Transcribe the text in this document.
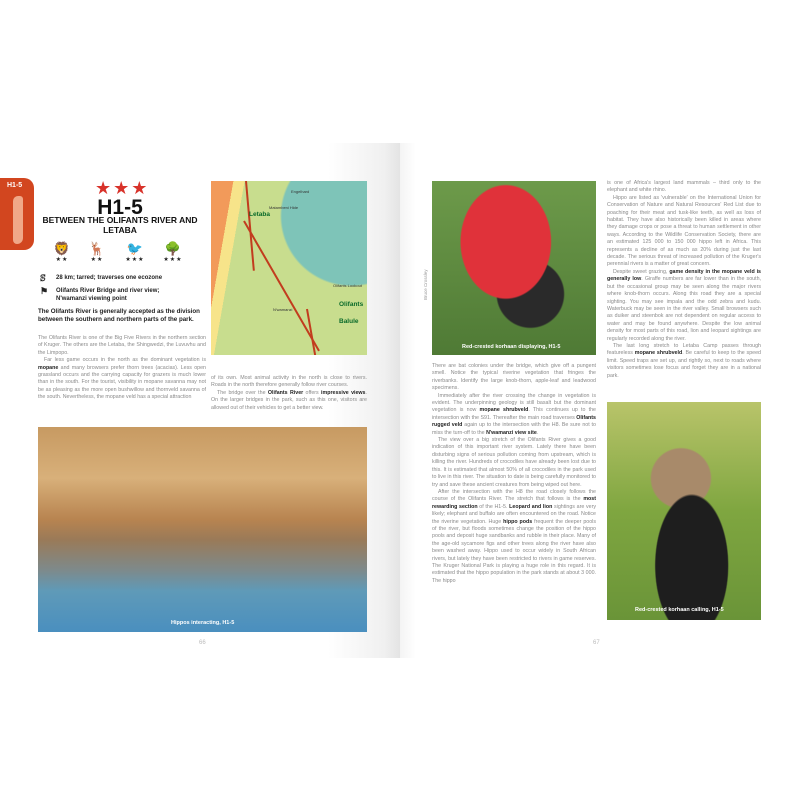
H1-5	★★★
H1-5
BETWEEN THE OLIFANTS RIVER AND LETABA
🦁
★★
🦌
★★
🐦
★★★
🌳
★★★
ꕷ 28 km; tarred; traverses one ecozone
⚑ Olifants River Bridge and river view;
N'wamanzi viewing point
The Olifants River is generally accepted as the division between the southern and northern parts of the park.

The Olifants River is one of the Big Five Rivers in the northern section of Kruger. The others are the Letaba, the Shingwedzi, the Luvuvhu and the Limpopo.

Far less game occurs in the north as the dominant vegetation is mopane and many browsers prefer thorn trees (acacias). Less open grassland occurs and the carrying capacity for grazers is much lower than in the south. For the tourist, visibility in mopane savanna may not be as pleasing as the more open bushwillow and thornveld savanna of the south. Nevertheless, the mopane veld has a special attraction

of its own. Most animal activity in the north is close to rivers. Roads in the north therefore generally follow river courses.

The bridge over the Olifants River offers impressive views. On the larger bridges in the park, such as this one, visitors are allowed out of their vehicles to get a better view.

Letaba
Olifants
Balule
N'wamanzi
Engelhard
Matambeni Hide
Olifants Lookout
Hippos interacting, H1-5
Red-crested korhaan displaying, H1-5
Bruce Crossley

There are bat colonies under the bridge, which give off a pungent smell. Notice the typical riverine vegetation that fringes the riverbanks. Identify the large knob-thorn, apple-leaf and leadwood specimens.

Immediately after the river crossing the change in vegetation is evident. The underpinning geology is still basalt but the dominant vegetation is now mopane shrubveld. This continues up to the intersection with the S91. Thereafter the main road traverses Olifants rugged veld again up to the intersection with the H8. Be sure not to miss the turn-off to the N'wamanzi view site.

The view over a big stretch of the Olifants River gives a good indication of this important river system. Lately there have been disturbing signs of serious pollution coming from upstream, which is killing the river. Hundreds of crocodiles have already been lost due to this. It is estimated that almost 50% of all crocodiles in the park used to live in this river. The situation to date is being carefully monitored to try and save these ancient creatures from being wiped out here.

After the intersection with the H8 the road closely follows the course of the Olifants River. The stretch that follows is the most rewarding section of the H1-5. Leopard and lion sightings are very likely; elephant and buffalo are often encountered on the road. Notice the riverine vegetation. Huge hippo pods frequent the deeper pools of the river, but floods sometimes change the position of the hippo pools and deposit huge sandbanks and rubble in their place. Many of the age-old sycamore figs and other trees along the river have also been washed away. Hippo used to occur widely in South African rivers, but lately they have been restricted to rivers in game reserves. The Kruger National Park is playing a huge role in this regard. It is estimated that the hippo population in the park stands at about 3 000. The hippo

is one of Africa's largest land mammals – third only to the elephant and white rhino.

Hippo are listed as 'vulnerable' on the International Union for Conservation of Nature and Natural Resources' Red List due to poaching for their meat and tusk-like teeth, as well as loss of habitat. They have also historically been killed in areas where they damage crops or pose a threat to human settlement in other ways. According to the Wildlife Conservation Society, there are an estimated 125 000 to 150 000 hippo left in Africa. This represents a decline of as much as 20% during just the last decade. The serious threat of increased pollution of the Kruger's perennial rivers is a matter of great concern.

Despite sweet grazing, game density in the mopane veld is generally low. Giraffe numbers are far lower than in the south, but the occasional group may be seen along the major rivers where knob-thorn occurs. Along this road they are a special sighting. You may see impala and the odd zebra and kudu. Waterbuck may be seen in the river valley. Small browsers such as duiker and steenbok are not dependent on regular access to water and may be found anywhere. Despite the low animal density for most parts of this road, lion and leopard sightings are regularly recorded along the river.

The last long stretch to Letaba Camp passes through featureless mopane shrubveld. Be careful to keep to the speed limit. Speed traps are set up, and rightly so, next to roads where visitors sometimes lose focus and forget they are in a national park.

Red-crested korhaan calling, H1-5
66	67
